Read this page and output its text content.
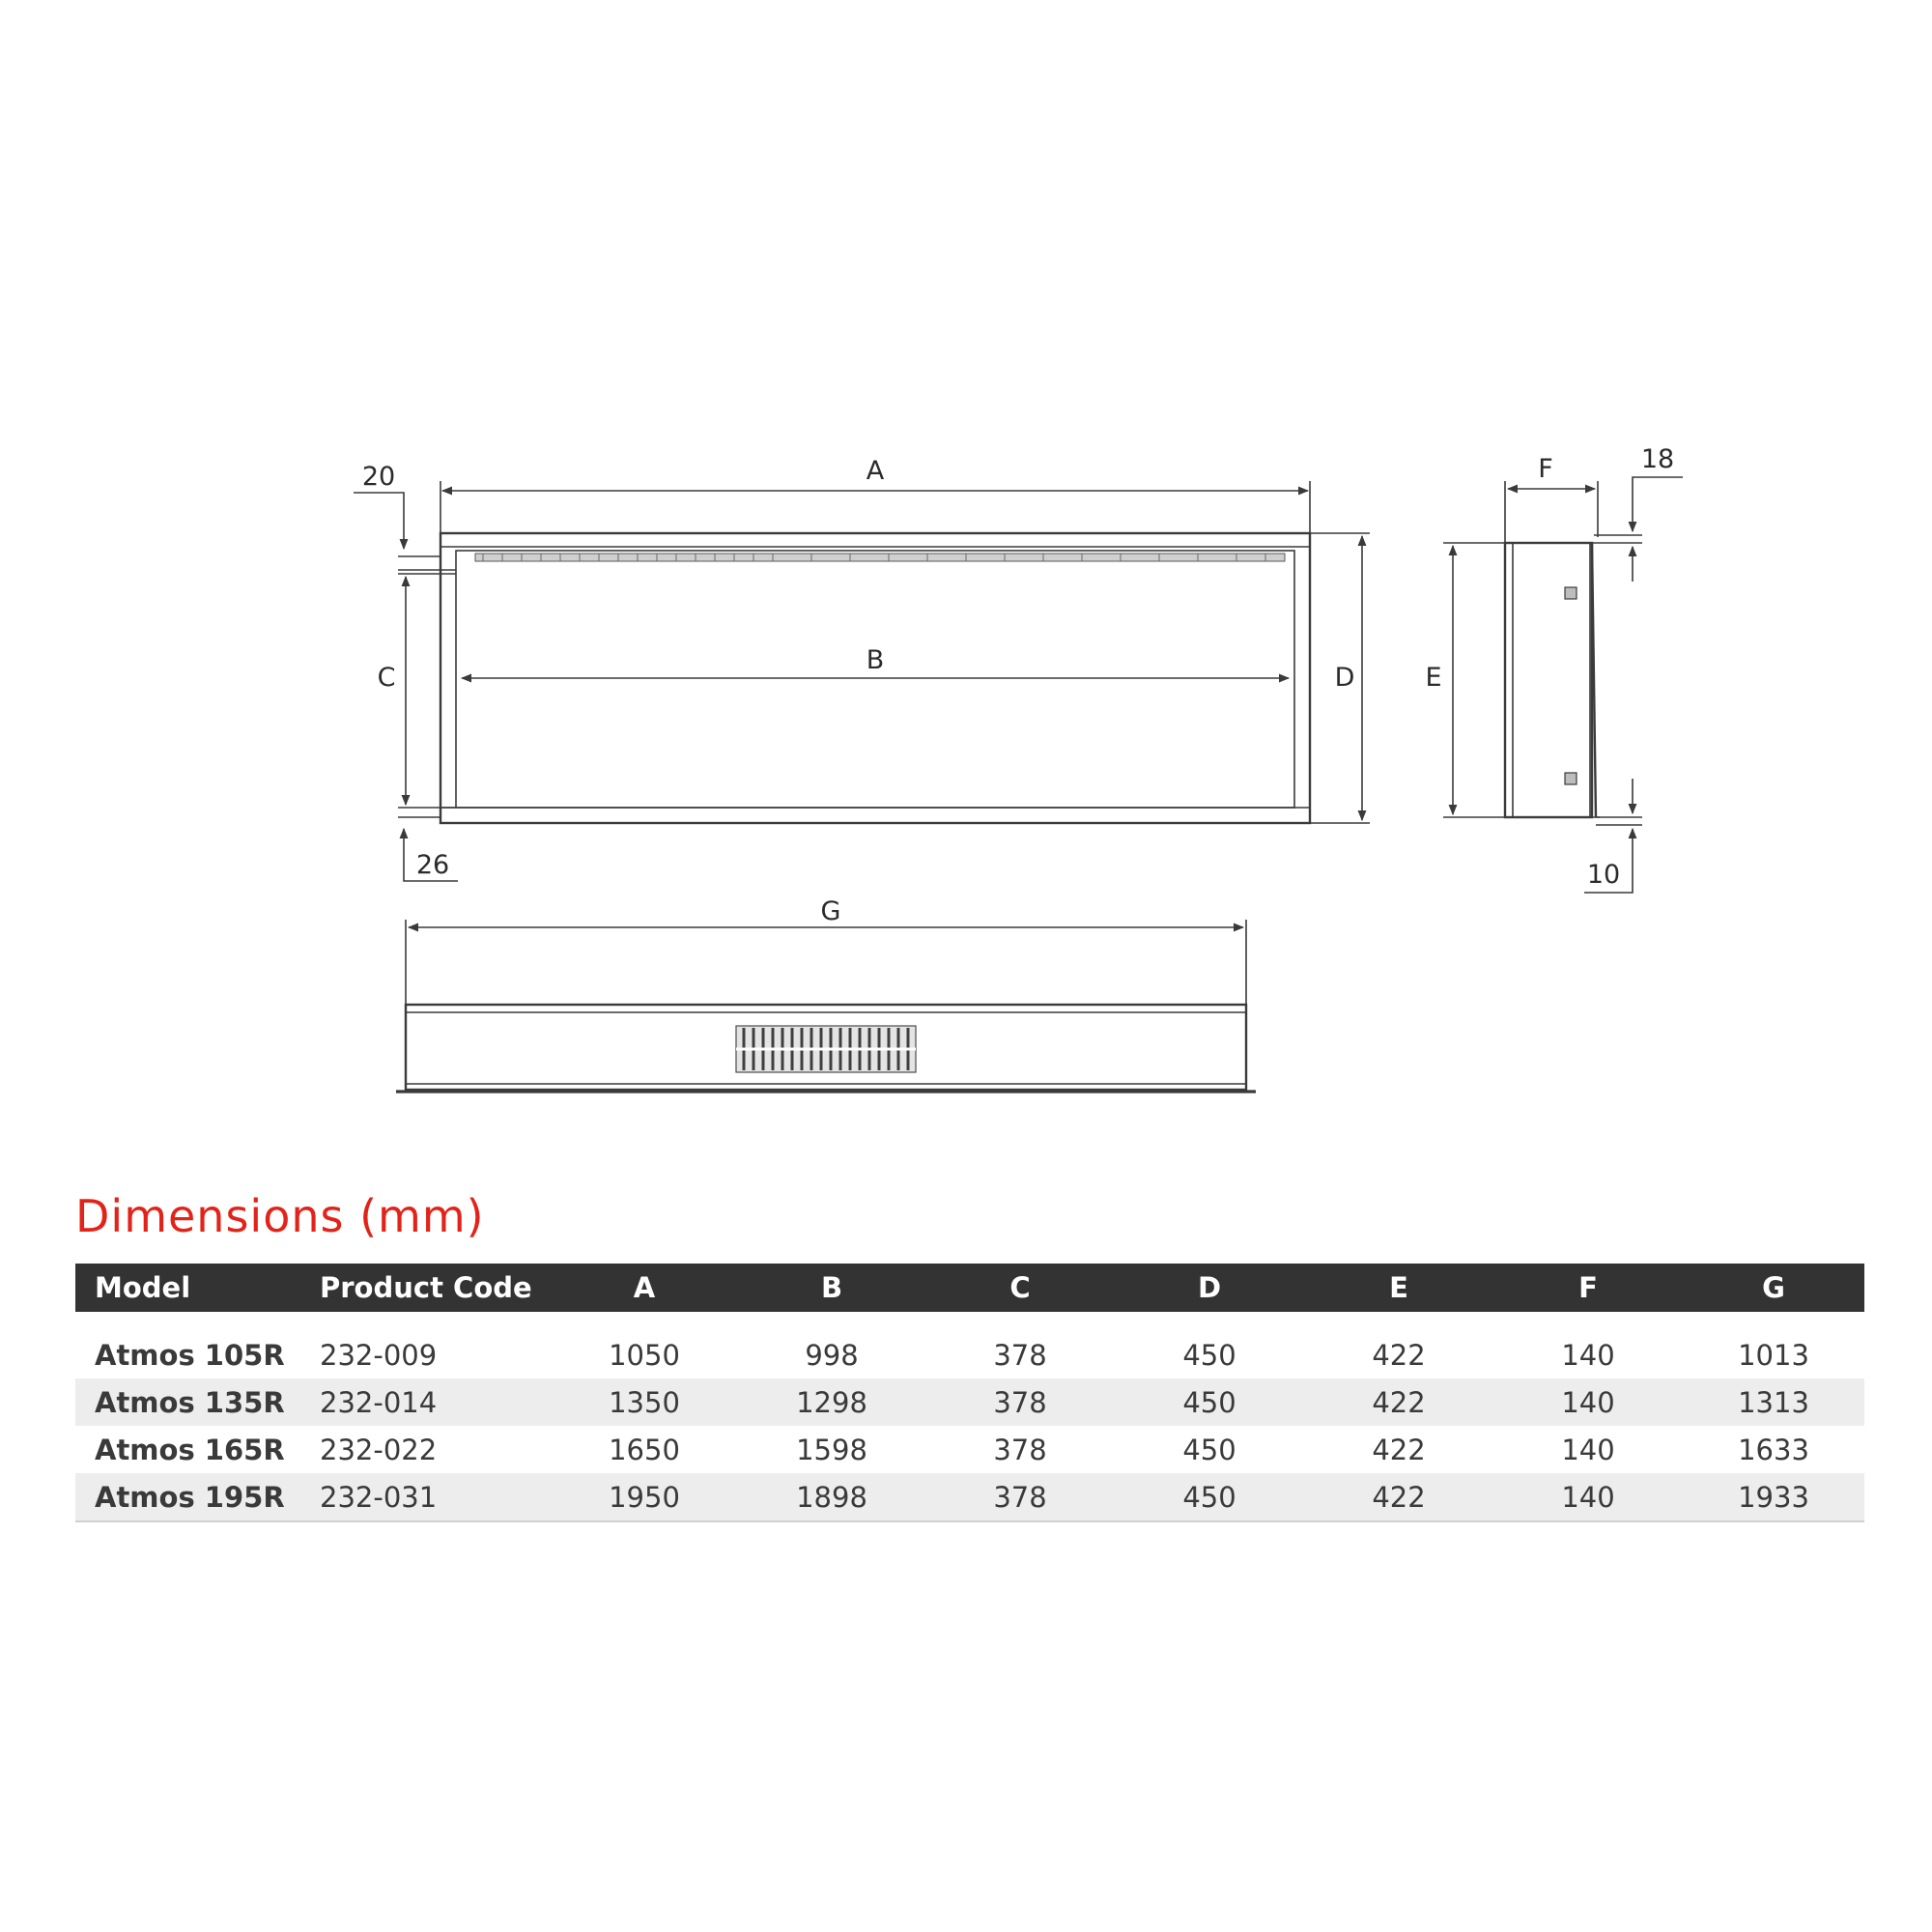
A
B
C	D
20
26
E
F	18
10
G
Dimensions (mm)
Model	Product Code	A	B	C	D	E	F	G

Atmos 105R	232-009	1050	998	378	450	422	140	1013
Atmos 135R	232-014	1350	1298	378	450	422	140	1313
Atmos 165R	232-022	1650	1598	378	450	422	140	1633
Atmos 195R	232-031	1950	1898	378	450	422	140	1933
